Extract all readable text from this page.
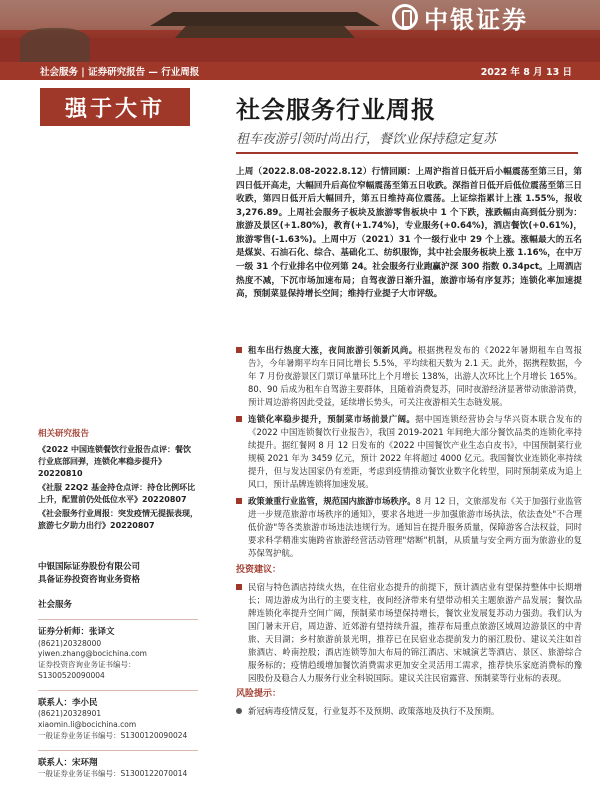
中银证券
社会服务 | 证券研究报告 — 行业周报	2022 年 8 月 13 日
强于大市	社会服务行业周报
租车夜游引领时尚出行，餐饮业保持稳定复苏
上周（2022.8.08-2022.8.12）行情回顾：上周沪指首日低开后小幅震荡至第三日，第四日低开高走，大幅回升后高位窄幅震荡至第五日收跌。深指首日低开后低位震荡至第三日收跌，第四日低开后大幅回升，第五日维持高位震荡。上证综指累计上涨 1.55%，报收 3,276.89。上周社会服务子板块及旅游零售板块中 1 个下跌，涨跌幅由高到低分别为：旅游及景区(+1.80%)，教育(+1.74%)，专业服务(+0.64%)，酒店餐饮(+0.61%)，旅游零售(-1.63%)。上周中万（2021）31 个一级行业中 29 个上涨。涨幅最大的五名是煤炭、石油石化、综合、基础化工、纺织服饰，其中社会服务板块上涨 1.16%，在中万一级 31 个行业排名中位列第 24。社会服务行业跑赢沪深 300 指数 0.34pct。上周酒店热度不减，下沉市场加速布局；自驾夜游日渐升温，旅游市场有序复苏；连锁化率加速提高，预制菜显保持增长空间；维持行业提子大市评级。
租车出行热度大涨，夜间旅游引领新风尚。根据携程发布的《2022年暑期租车自驾报告》，今年暑期平均车日同比增长 5.5%，平均续租天数为 2.1 天。此外，据携程数据，今年 7 月份夜游景区门票订单量环比上个月增长 138%，出游人次环比上个月增长 165%。80、90 后成为租车自驾游主要群体，且随着消费复苏，同时夜游经济显著带动旅游消费，预计周边游将因此受益，延续增长势头，可关注夜游相关生态链发展。
连锁化率稳步提升，预制菜市场前景广阔。据中国连锁经营协会与华兴资本联合发布的《2022 中国连锁餐饮行业报告》，我国 2019-2021 年间绝大部分餐饮品类的连锁化率持续提升。据红餐网 8 月 12 日发布的《2022 中国餐饮产业生态白皮书》，中国预制菜行业规模 2021 年为 3459 亿元，预计 2022 年将超过 4000 亿元。我国餐饮业连锁化率持续提升，但与发达国家仍有差距，考虑到疫情推动餐饮业数字化转型，同时预制菜成为追上风口，预计品牌连锁将加速发展。
政策兼重行业监管，规范国内旅游市场秩序。8 月 12 日，文旅部发布《关于加强行业监管进一步规范旅游市场秩序的通知》，要求各地进一步加强旅游市场执法，依法查处"不合理低价游"等各类旅游市场违法违规行为。通知旨在提升服务质量，保障游客合法权益，同时要求科学精准实施跨省旅游经营活动管理"熔断"机制，从质量与安全两方面为旅游业的复苏保驾护航。
投资建议：
民宿与特色酒店持续火热，在住宿业态提升的前提下，预计酒店业有望保持整体中长期增长；周边游成为出行的主要支柱，夜间经济带来有望带动相关主题旅游产品发展；餐饮品牌连锁化率提升空间广阔，预制菜市场望保持增长，餐饮业发展复苏动力强劲。我们认为国门暑末开启，周边游、近郊游有望持续升温，推荐布局重点旅游区域周边游景区的中青旅、天目湖；乡村旅游前景光明，推荐已在民宿业态提前发力的丽江股份、建议关注如首旅酒店、岭南控股；酒店连锁等加大布局的锦江酒店、宋城演艺等酒店、景区、旅游综合服务标的；疫情趋缓增加餐饮消费需求更加安全灵活用工需求，推荐快乐家庭消费标的豫园股份及稳合人力服务行业全科锐国际。建议关注民宿露营、预制菜等行业标的表现。
风险提示：
新冠病毒疫情反复，行业复苏不及预期、政策落地及执行不及预期。
相关研究报告
《2022 中国连锁餐饮行业报告点评：餐饮行业底部回弹，连锁化率稳步提升》20220810
《社服 22Q2 基金持仓点评：持仓比例环比上升，配置前仍处低位水平》20220807
《社会服务行业周报：突发疫情无提振表现，旅游七夕助力出行》20220807
中银国际证券股份有限公司
具备证券投资咨询业务资格
社会服务
证券分析师：张译文
(8621)20328000
yiwen.zhang@bocichina.com
证券投资咨询业务证书编号：S1300520090004
联系人：李小民
(8621)20328901
xiaomin.li@bocichina.com
一般证券业务证书编号：S1300120090024
联系人：宋环翔
一般证券业务证书编号：S1300122070014
